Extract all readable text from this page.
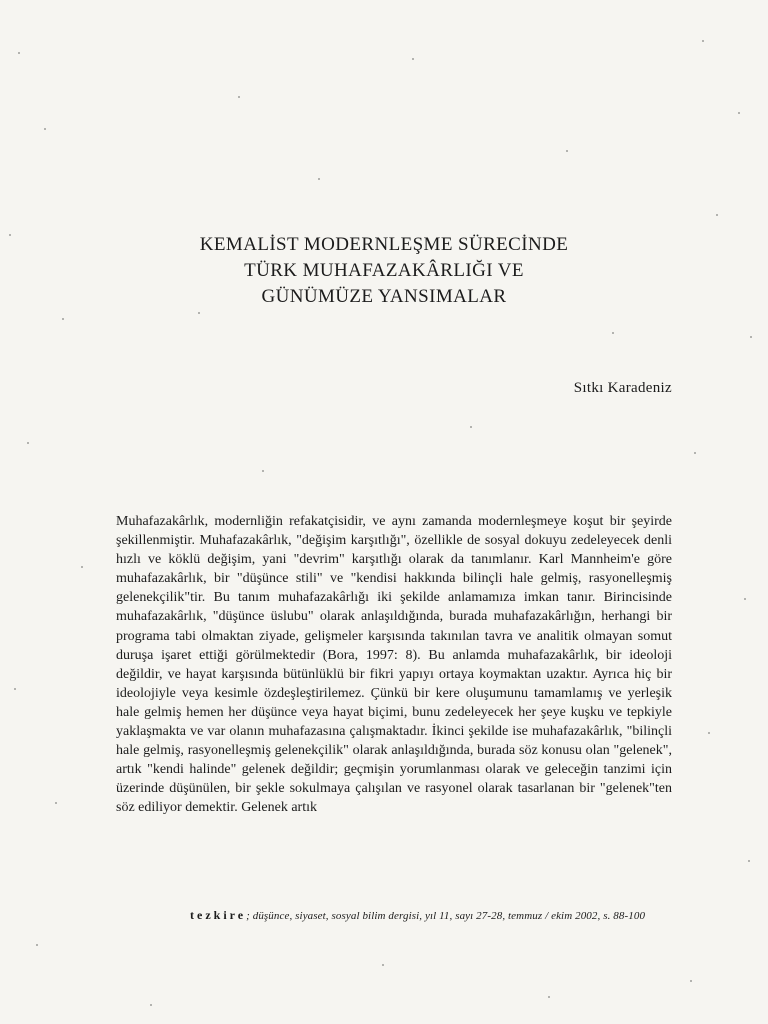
KEMALİST MODERNLEŞME SÜRECİNDE
TÜRK MUHAFAZAKÂRLIĞI VE
GÜNÜMÜZE YANSIMALAR
Sıtkı Karadeniz
Muhafazakârlık, modernliğin refakatçisidir, ve aynı zamanda modernleşmeye koşut bir şeyirde şekillenmiştir. Muhafazakârlık, "değişim karşıtlığı", özellikle de sosyal dokuyu zedeleyecek denli hızlı ve köklü değişim, yani "devrim" karşıtlığı olarak da tanımlanır. Karl Mannheim'e göre muhafazakârlık, bir "düşünce stili" ve "kendisi hakkında bilinçli hale gelmiş, rasyonelleşmiş gelenekçilik"tir. Bu tanım muhafazakârlığı iki şekilde anlamamıza imkan tanır. Birincisinde muhafazakârlık, "düşünce üslubu" olarak anlaşıldığında, burada muhafazakârlığın, herhangi bir programa tabi olmaktan ziyade, gelişmeler karşısında takınılan tavra ve analitik olmayan somut duruşa işaret ettiği görülmektedir (Bora, 1997: 8). Bu anlamda muhafazakârlık, bir ideoloji değildir, ve hayat karşısında bütünlüklü bir fikri yapıyı ortaya koymaktan uzaktır. Ayrıca hiç bir ideolojiyle veya kesimle özdeşleştirilemez. Çünkü bir kere oluşumunu tamamlamış ve yerleşik hale gelmiş hemen her düşünce veya hayat biçimi, bunu zedeleyecek her şeye kuşku ve tepkiyle yaklaşmakta ve var olanın muhafazasına çalışmaktadır. İkinci şekilde ise muhafazakârlık, "bilinçli hale gelmiş, rasyonelleşmiş gelenekçilik" olarak anlaşıldığında, burada söz konusu olan "gelenek", artık "kendi halinde" gelenek değildir; geçmişin yorumlanması olarak ve geleceğin tanzimi için üzerinde düşünülen, bir şekle sokulmaya çalışılan ve rasyonel olarak tasarlanan bir "gelenek"ten söz ediliyor demektir. Gelenek artık
tezkire; düşünce, siyaset, sosyal bilim dergisi, yıl 11, sayı 27-28, temmuz / ekim 2002, s. 88-100
